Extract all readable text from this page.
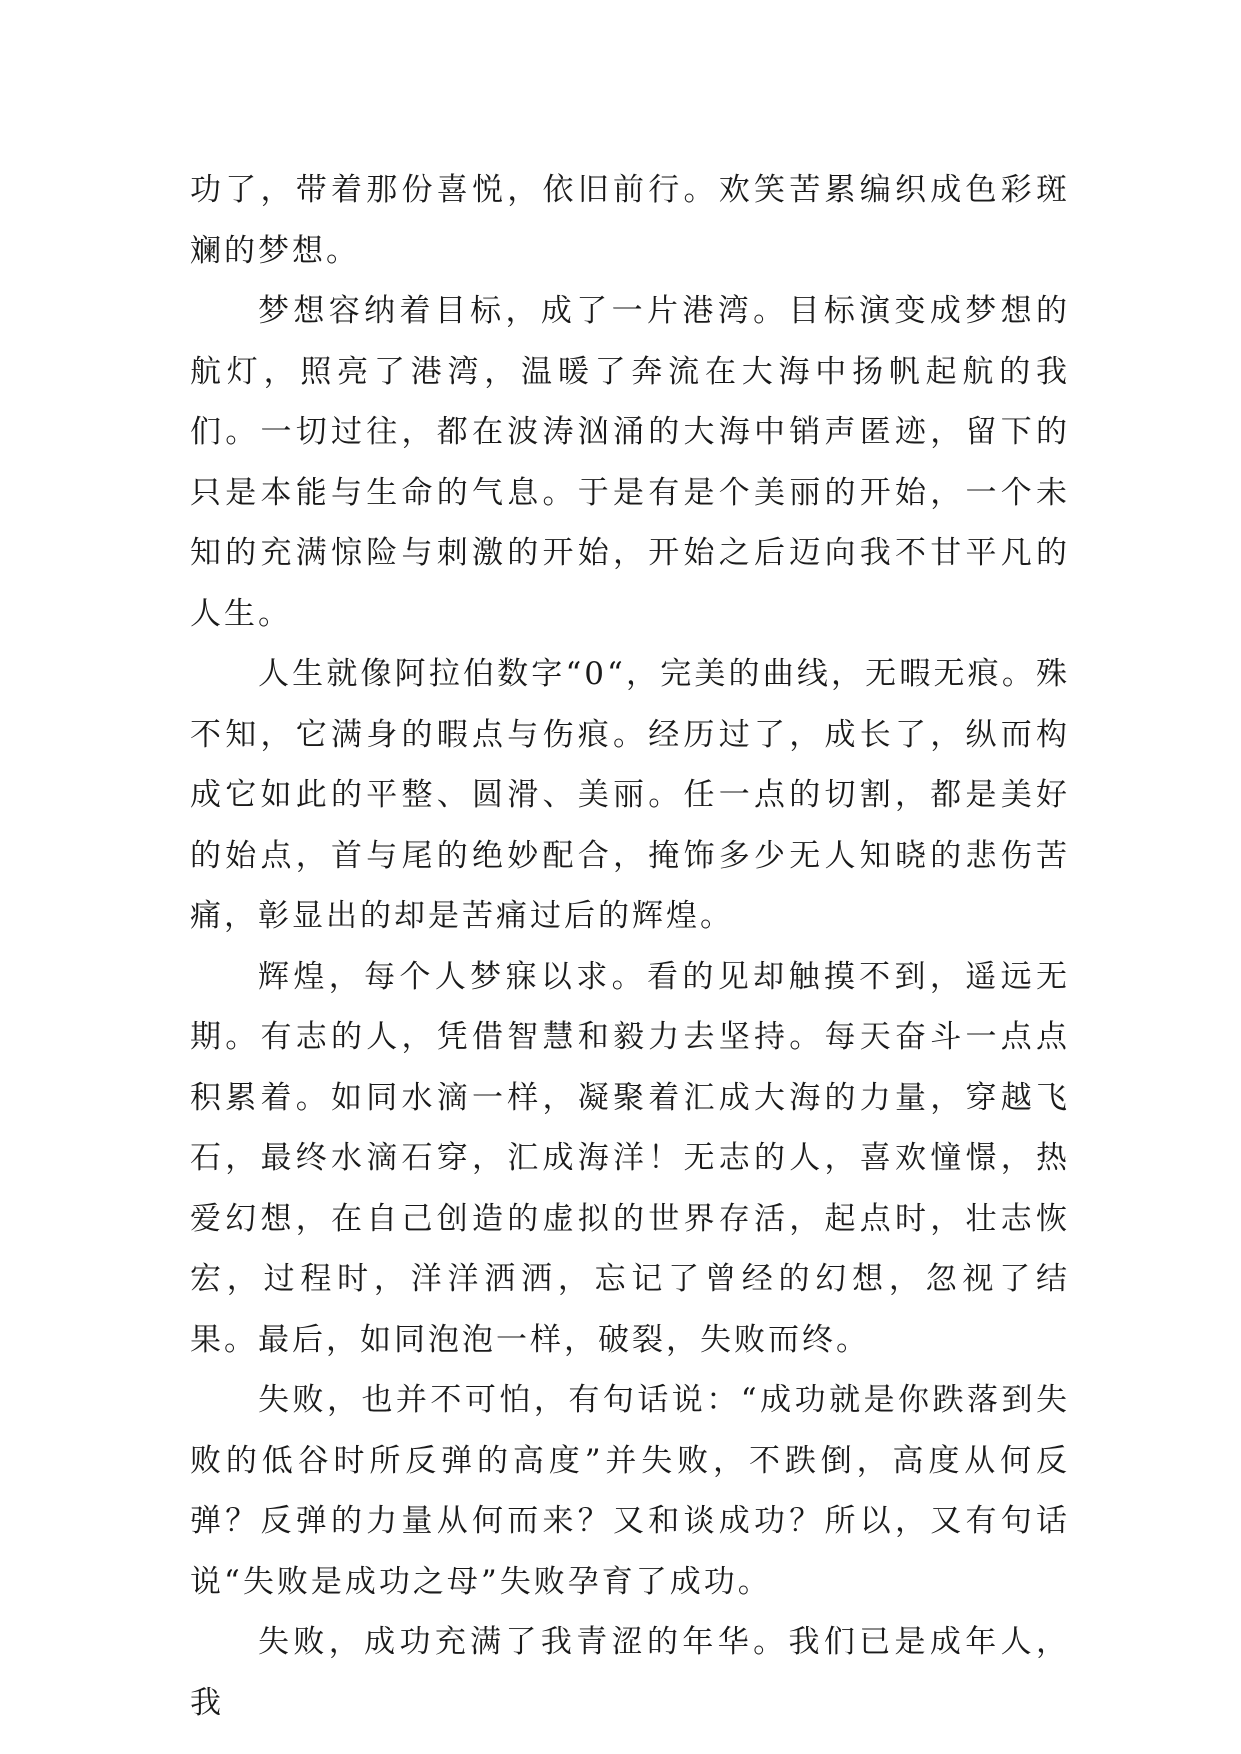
功了，带着那份喜悦，依旧前行。欢笑苦累编织成色彩斑斓的梦想。

梦想容纳着目标，成了一片港湾。目标演变成梦想的航灯，照亮了港湾，温暖了奔流在大海中扬帆起航的我们。一切过往，都在波涛汹涌的大海中销声匿迹，留下的只是本能与生命的气息。于是有是个美丽的开始，一个未知的充满惊险与刺激的开始，开始之后迈向我不甘平凡的人生。

人生就像阿拉伯数字“0“，完美的曲线，无暇无痕。殊不知，它满身的暇点与伤痕。经历过了，成长了，纵而构成它如此的平整、圆滑、美丽。任一点的切割，都是美好的始点，首与尾的绝妙配合，掩饰多少无人知晓的悲伤苦痛，彰显出的却是苦痛过后的辉煌。

辉煌，每个人梦寐以求。看的见却触摸不到，遥远无期。有志的人，凭借智慧和毅力去坚持。每天奋斗一点点积累着。如同水滴一样，凝聚着汇成大海的力量，穿越飞石，最终水滴石穿，汇成海洋！无志的人，喜欢憧憬，热爱幻想，在自己创造的虚拟的世界存活，起点时，壮志恢宏，过程时，洋洋洒洒，忘记了曾经的幻想，忽视了结果。最后，如同泡泡一样，破裂，失败而终。

失败，也并不可怕，有句话说：“成功就是你跌落到失败的低谷时所反弹的高度”并失败，不跌倒，高度从何反弹？反弹的力量从何而来？又和谈成功？所以，又有句话说“失败是成功之母”失败孕育了成功。

失败，成功充满了我青涩的年华。我们已是成年人，我
